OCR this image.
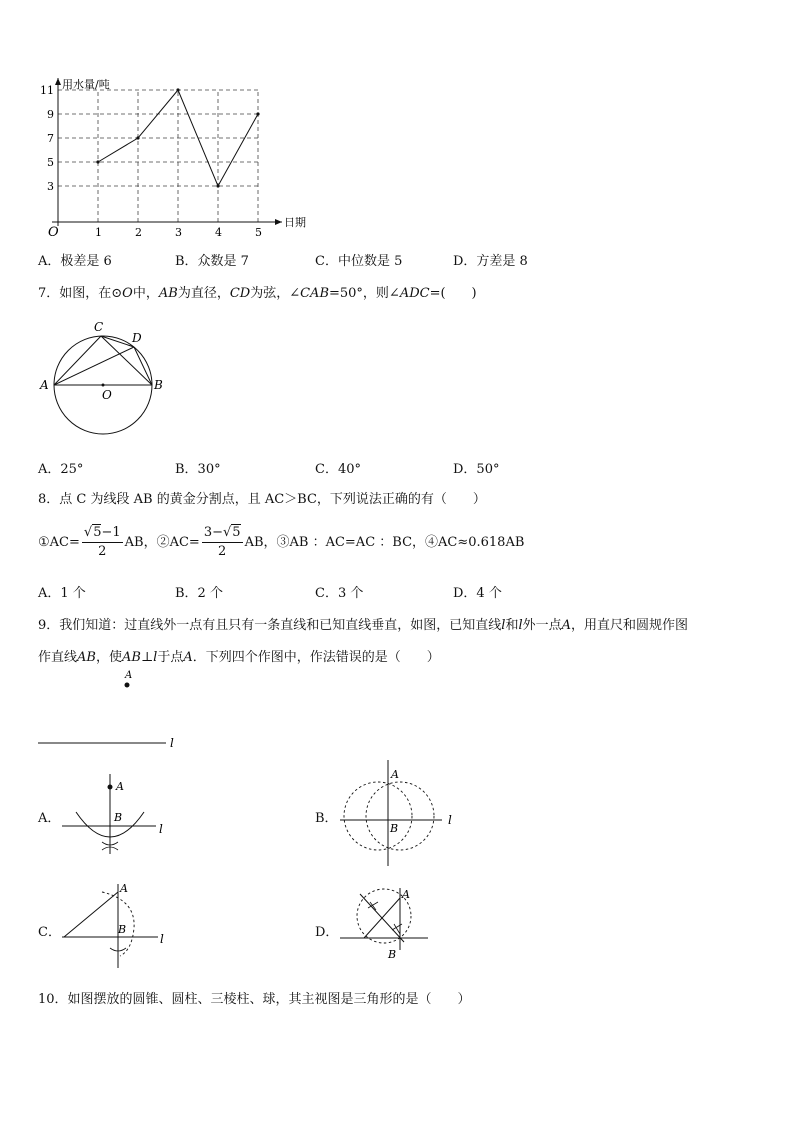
用水量/吨
日期
O	1	2	3	4	5
3
5
7
9
11
A．极差是 6	B．众数是 7	C．中位数是 5	D．方差是 8
7．如图，在⊙O中，AB为直径，CD为弦，∠CAB=50°，则∠ADC=(　　)
A	B
C
D
O
A．25°	B．30°	C．40°	D．50°
8．点 C 为线段 AB 的黄金分割点，且 AC＞BC，下列说法正确的有（　　）
①AC= $\frac{√5-1}{2}$ AB，②AC= $\frac{3-√5}{2}$ AB，③AB ：AC=AC ：BC，④AC≈0.618AB
A．1 个	B．2 个	C．3 个	D．4 个
9．我们知道：过直线外一点有且只有一条直线和已知直线垂直，如图，已知直线l和l外一点A，用直尺和圆规作图
作直线AB，使AB⊥l于点A．下列四个作图中，作法错误的是（　　）
A
l
A．	B．
C．	D．
A
B
l
A
B
l
A
B
l
A
B
10．如图摆放的圆锥、圆柱、三棱柱、球，其主视图是三角形的是（　　）
